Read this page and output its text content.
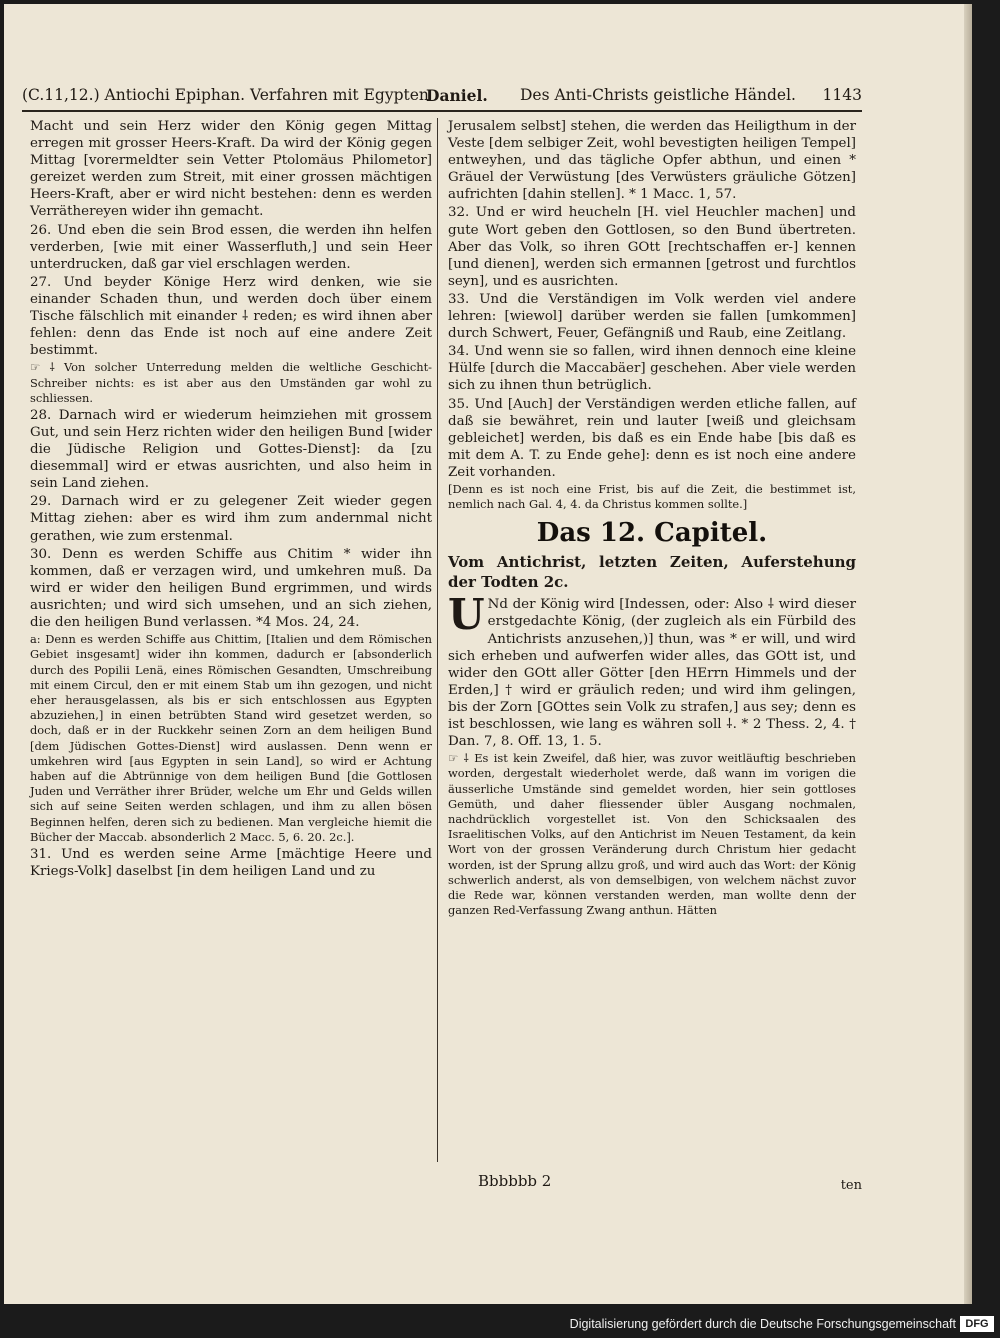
(C.11,12.) Antiochi Epiphan. Verfahren mit Egypten
Daniel. Des Anti-Christs geistliche Händel. 1143

Macht und sein Herz wider den König gegen Mittag erregen mit grosser Heers-Kraft. Da wird der König gegen Mittag [vorermeldter sein Vetter Ptolomäus Philometor] gereizet werden zum Streit, mit einer grossen mächtigen Heers-Kraft, aber er wird nicht bestehen: denn es werden Verräthereyen wider ihn gemacht.

26. Und eben die sein Brod essen, die werden ihn helfen verderben, [wie mit einer Wasserfluth,] und sein Heer unterdrucken, daß gar viel erschlagen werden.

27. Und beyder Könige Herz wird denken, wie sie einander Schaden thun, und werden doch über einem Tische fälschlich mit einander ⸸ reden; es wird ihnen aber fehlen: denn das Ende ist noch auf eine andere Zeit bestimmt.

☞ ⸸ Von solcher Unterredung melden die weltliche Geschicht-Schreiber nichts: es ist aber aus den Umständen gar wohl zu schliessen.

28. Darnach wird er wiederum heimziehen mit grossem Gut, und sein Herz richten wider den heiligen Bund [wider die Jüdische Religion und Gottes-Dienst]: da [zu diesemmal] wird er etwas ausrichten, und also heim in sein Land ziehen.

29. Darnach wird er zu gelegener Zeit wieder gegen Mittag ziehen: aber es wird ihm zum andernmal nicht gerathen, wie zum erstenmal.

30. Denn es werden Schiffe aus Chitim * wider ihn kommen, daß er verzagen wird, und umkehren muß. Da wird er wider den heiligen Bund ergrimmen, und wirds ausrichten; und wird sich umsehen, und an sich ziehen, die den heiligen Bund verlassen. *4 Mos. 24, 24.

a: Denn es werden Schiffe aus Chittim, [Italien und dem Römischen Gebiet insgesamt] wider ihn kommen, dadurch er [absonderlich durch des Popilii Lenä, eines Römischen Gesandten, Umschreibung mit einem Circul, den er mit einem Stab um ihn gezogen, und nicht eher herausgelassen, als bis er sich entschlossen aus Egypten abzuziehen,] in einen betrübten Stand wird gesetzet werden, so doch, daß er in der Ruckkehr seinen Zorn an dem heiligen Bund [dem Jüdischen Gottes-Dienst] wird auslassen. Denn wenn er umkehren wird [aus Egypten in sein Land], so wird er Achtung haben auf die Abtrünnige von dem heiligen Bund [die Gottlosen Juden und Verräther ihrer Brüder, welche um Ehr und Gelds willen sich auf seine Seiten werden schlagen, und ihm zu allen bösen Beginnen helfen, deren sich zu bedienen. Man vergleiche hiemit die Bücher der Maccab. absonderlich 2 Macc. 5, 6. 20. 2c.].

31. Und es werden seine Arme [mächtige Heere und Kriegs-Volk] daselbst [in dem heiligen Land und zu

Jerusalem selbst] stehen, die werden das Heiligthum in der Veste [dem selbiger Zeit, wohl bevestigten heiligen Tempel] entweyhen, und das tägliche Opfer abthun, und einen * Gräuel der Verwüstung [des Verwüsters gräuliche Götzen] aufrichten [dahin stellen]. * 1 Macc. 1, 57.

32. Und er wird heucheln [H. viel Heuchler machen] und gute Wort geben den Gottlosen, so den Bund übertreten. Aber das Volk, so ihren GOtt [rechtschaffen er-] kennen [und dienen], werden sich ermannen [getrost und furchtlos seyn], und es ausrichten.

33. Und die Verständigen im Volk werden viel andere lehren: [wiewol] darüber werden sie fallen [umkommen] durch Schwert, Feuer, Gefängniß und Raub, eine Zeitlang.

34. Und wenn sie so fallen, wird ihnen dennoch eine kleine Hülfe [durch die Maccabäer] geschehen. Aber viele werden sich zu ihnen thun betrüglich.

35. Und [Auch] der Verständigen werden etliche fallen, auf daß sie bewähret, rein und lauter [weiß und gleichsam gebleichet] werden, bis daß es ein Ende habe [bis daß es mit dem A. T. zu Ende gehe]: denn es ist noch eine andere Zeit vorhanden.

[Denn es ist noch eine Frist, bis auf die Zeit, die bestimmet ist, nemlich nach Gal. 4, 4. da Christus kommen sollte.]

Das 12. Capitel.
Vom Antichrist, letzten Zeiten, Auferstehung der Todten 2c.

U Nd der König wird [Indessen, oder: Also ⸸ wird dieser erstgedachte König, (der zugleich als ein Fürbild des Antichrists anzusehen,)] thun, was * er will, und wird sich erheben und aufwerfen wider alles, das GOtt ist, und wider den GOtt aller Götter [den HErrn Himmels und der Erden,] † wird er gräulich reden; und wird ihm gelingen, bis der Zorn [GOttes sein Volk zu strafen,] aus sey; denn es ist beschlossen, wie lang es währen soll ⸸. * 2 Thess. 2, 4. † Dan. 7, 8. Off. 13, 1. 5.

☞ ⸸ Es ist kein Zweifel, daß hier, was zuvor weitläuftig beschrieben worden, dergestalt wiederholet werde, daß wann im vorigen die äusserliche Umstände sind gemeldet worden, hier sein gottloses Gemüth, und daher fliessender übler Ausgang nochmalen, nachdrücklich vorgestellet ist. Von den Schicksaalen des Israelitischen Volks, auf den Antichrist im Neuen Testament, da kein Wort von der grossen Veränderung durch Christum hier gedacht worden, ist der Sprung allzu groß, und wird auch das Wort: der König schwerlich anderst, als von demselbigen, von welchem nächst zuvor die Rede war, können verstanden werden, man wollte denn der ganzen Red-Verfassung Zwang anthun. Hätten

Bbbbbb 2	ten
Digitalisierung gefördert durch die Deutsche Forschungsgemeinschaft DFG
